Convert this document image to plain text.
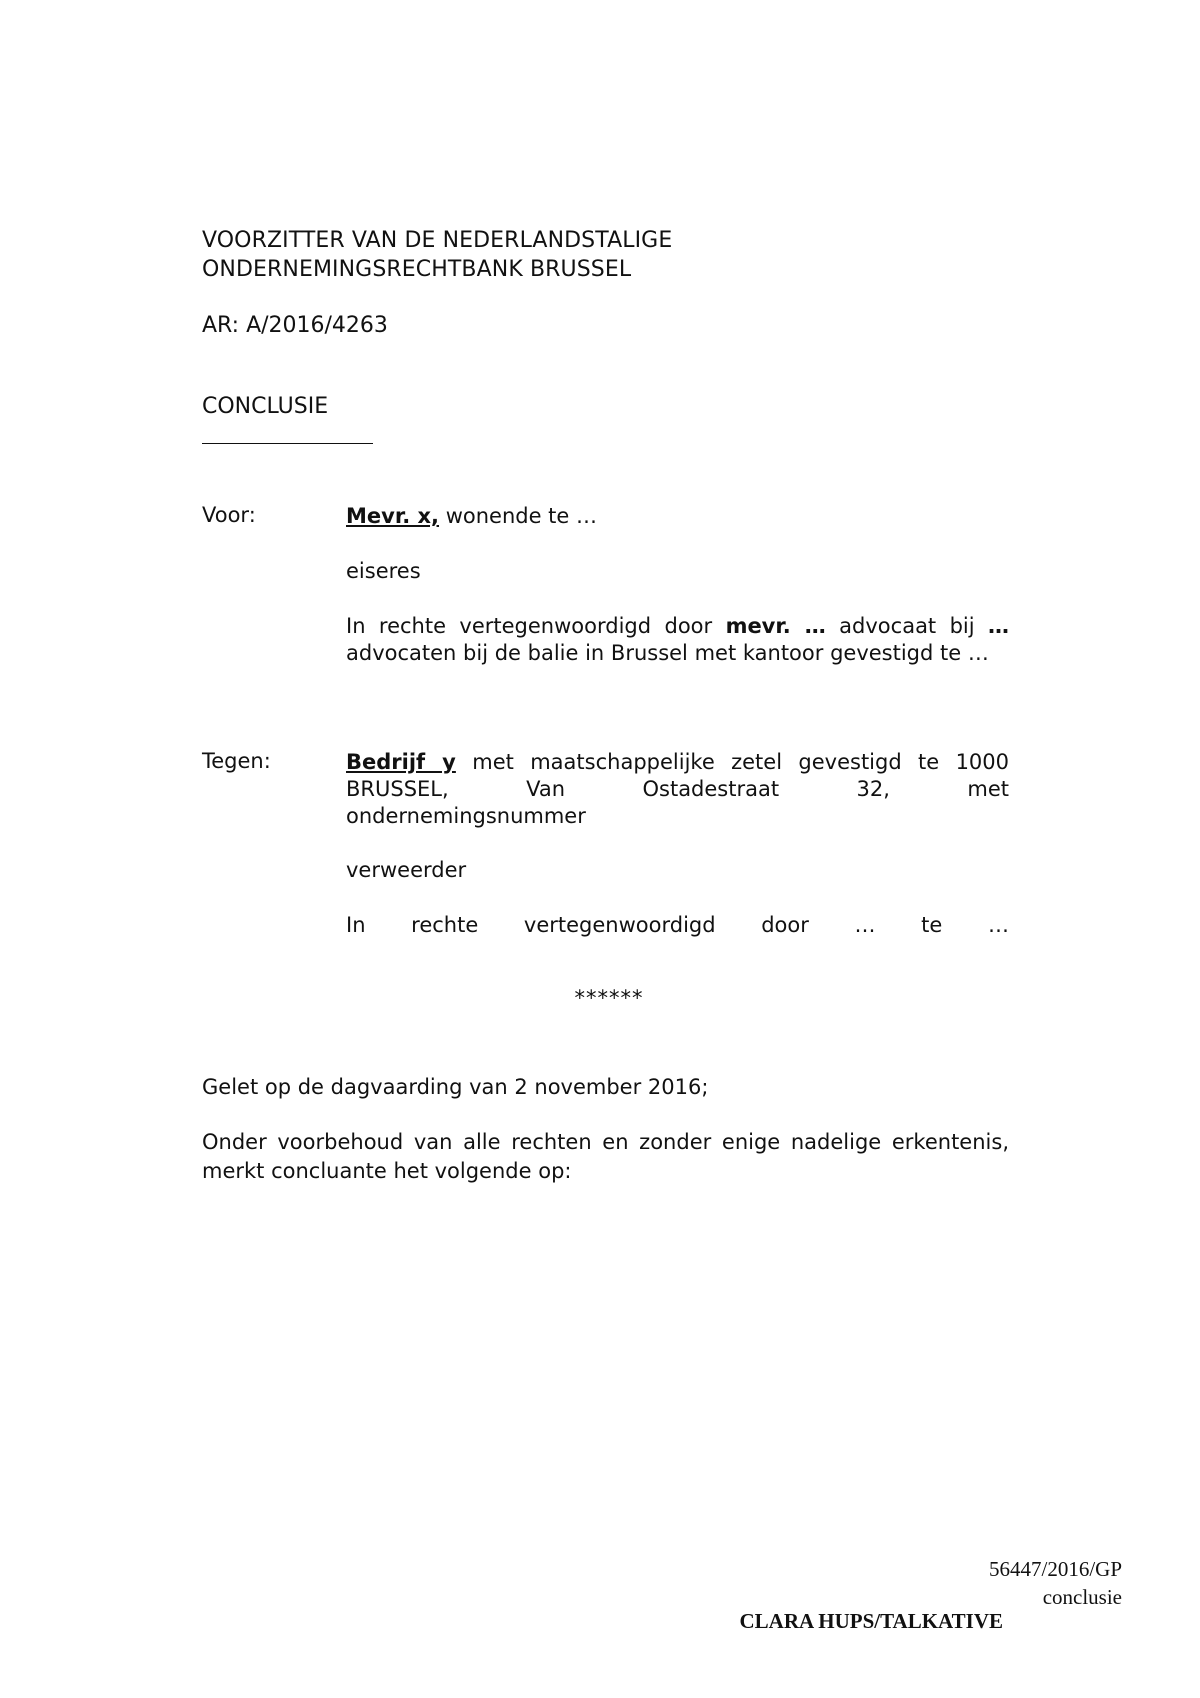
VOORZITTER VAN DE NEDERLANDSTALIGE
ONDERNEMINGSRECHTBANK BRUSSEL
AR: A/2016/4263
CONCLUSIE
Voor:	Mevr. x, wonende te …
eiseres
In rechte vertegenwoordigd door mevr. … advocaat bij … advocaten bij de balie in Brussel met kantoor gevestigd te …
Tegen:	Bedrijf y met maatschappelijke zetel gevestigd te 1000
BRUSSEL, Van Ostadestraat 32, met
ondernemingsnummer
verweerder
In rechte vertegenwoordigd door … te …
******
Gelet op de dagvaarding van 2 november 2016;
Onder voorbehoud van alle rechten en zonder enige nadelige erkentenis, merkt concluante het volgende op:
56447/2016/GP
conclusie
CLARA HUPS/TALKATIVE
